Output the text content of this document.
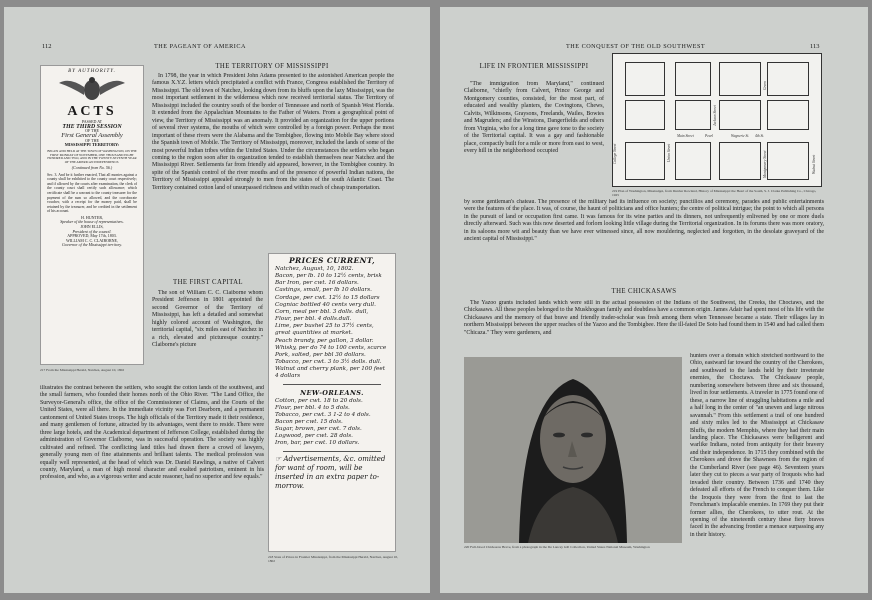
112	THE PAGEANT OF AMERICA
BY AUTHORITY.
ACTS
PASSED AT
THE THIRD SESSION
OF THE
First General Assembly
OF THE
MISSISSIPPI TERRITORY:
BEGUN AND HELD AT THE TOWN OF WASHINGTON, ON THE FIRST MONDAY OF NOVEMBER, ONE THOUSAND EIGHT HUNDRED AND TWO, AND IN THE TWENTY-SEVENTH YEAR OF THE AMERICAN INDEPENDENCE.
(Continued from No. 56.)
Sec. 3. And be it further enacted, That all monies against a county shall be exhibited to the county court respectively; and if allowed by the courts after examination, the clerk of the county court shall certify such allowance; which certificate shall be a warrant to the county treasurer for the payment of the sum so allowed, and the corroborate voucher, with a receipt for the money paid, shall be retained by the treasurer, and be credited in the settlement of his account.
H. HUNTER,
Speaker of the house of representatives.
JOHN ELLIS,
President of the council.
APPROVED, May 17th, 1803.
WILLIAM C. C. CLAIBORNE,
Governor of the Mississippi territory.
217 From the Mississippi Herald, Natchez, August 10, 1802
THE TERRITORY OF MISSISSIPPI
In 1798, the year in which President John Adams presented to the astonished American people the famous X.Y.Z. letters which precipitated a conflict with France, Congress established the Territory of Mississippi. The old town of Natchez, looking down from its bluffs upon the lazy Mississippi, was the most important settlement in the wilderness which now received territorial status. The Territory of Mississippi included the country south of the border of Tennessee and north of Spanish West Florida. It extended from the Appalachian Mountains to the Father of Waters. From a geographical point of view, the Territory of Mississippi was an anomaly. It provided an organization for the upper portions of several river systems, the mouths of which were controlled by a foreign power. Perhaps the most important of these rivers were the Alabama and the Tombigbee, flowing into Mobile Bay where stood the Spanish town of Mobile. The Territory of Mississippi, moreover, included the lands of some of the most powerful Indian tribes within the United States. Under the circumstances the settlers who began coming to the region soon after its organization tended to establish themselves near Natchez and the Mississippi River. Settlements far from friendly aid appeared, however, in the Tombigbee country. In spite of the Spanish control of the river mouths and of the presence of powerful Indian nations, the Territory of Mississippi appealed strongly to men from the states of the south Atlantic Coast. The Territory contained cotton land of unsurpassed richness and within reach of cheap transportation.
THE FIRST CAPITAL
The son of William C. C. Claiborne whom President Jefferson in 1801 appointed the second Governor of the Territory of Mississippi, has left a detailed and somewhat highly colored account of Washington, the territorial capital, "six miles east of Natchez in a rich, elevated and picturesque country." Claiborne's picture
illustrates the contrast between the settlers, who sought the cotton lands of the southwest, and the small farmers, who founded their homes north of the Ohio River. "The Land Office, the Surveyor-General's office, the office of the Commissioner of Claims, and the Courts of the United States, were all there. In the immediate vicinity was Fort Dearborn, and a permanent cantonment of United States troops. The high officials of the Territory made it their residence, and many gentlemen of fortune, attracted by its advantages, went there to reside. There were three large hotels, and the Academical department of Jefferson College, established during the administration of Governor Claiborne, was in successful operation. The society was highly cultivated and refined. The conflicting land titles had drawn there a crowd of lawyers, generally young men of fine attainments and brilliant talents. The medical profession was equally well represented, at the head of which was Dr. Daniel Rawlings, a native of Calvert county, Maryland, a man of high moral character and exalted patriotism, eminent in his profession, and who, as a vigorous writer and acute reasoner, had no superior and few equals."
PRICES CURRENT,
Natchez, August, 10, 1802.
Bacon, per lb. 10 to 12½ cents, brisk
Bar Iron, per cwt. 16 dollars.
Castings, small, per lb 10 dollars.
Cordage, per cwt. 12½ to 15 dollars
Cogniac bottled 40 cents very dull.
Corn, meal per bbl. 3 dolls. dull,
Flour, per bbl. 4 dolls.dull.
Lime, per bushel 25 to 37½ cents, great quantities at market.
Peach brandy, per gallon, 3 dollar.
Whisky, per do 74 to 100 cents, scarce
Pork, salted, per bbl 30 dollars.
Tobacco, per cwt. 3 to 3½ dolls. dull.
Walnut and cherry plank, per 100 feet 4 dollars
NEW-ORLEANS.
Cotton, per cwt. 18 to 20 dols.
Flour, per bbl. 4 to 5 dols.
Tobacco, per cwt. 3 1-2 to 4 dols.
Bacon per cwt. 15 dols.
Sugar, brown, per cwt. 7 dols.
Logwood, per cwt. 28 dols.
Iron, bar, per cwt. 10 dollars.
☞ Advertisements, &c. omitted for want of room, will be inserted in an extra paper to-morrow.
218 State of Prices in Frontier Mississippi, from the Mississippi Herald, Natchez, August 10, 1802
THE CONQUEST OF THE OLD SOUTHWEST	113
LIFE IN FRONTIER MISSISSIPPI
"The immigration from Maryland," continued Claiborne, "chiefly from Calvert, Prince George and Montgomery counties, consisted, for the most part, of educated and wealthy planters, the Covingtons, Chews, Calvits, Wilkinsons, Graysons, Freelands, Wailes, Bowies and Magruders; and the Winstons, Dangerfields and others from Virginia, who for a long time gave tone to the society of the Territorial capital. It was a gay and fashionable place, compactly built for a mile or more from east to west, every hill in the neighborhood occupied
Main Street	Pearl	Wagnerie St. 4th St.
College Street	Union Street
Jackson Street
Montgomery Street	Walnut Street
Green
219 Plan of Washington, Mississippi, from Dunbar Rowland, History of Mississippi: the Heart of the South, S. J. Clarke Publishing Co., Chicago, 1925
by some gentleman's chateau. The presence of the military had its influence on society; punctilios and ceremony, parades and public entertainments were the features of the place. It was, of course, the haunt of politicians and office hunters; the centre of political intrigue; the point to which all persons in the pursuit of land or occupation first came. It was famous for its wine parties and its dinners, not unfrequently enlivened by one or more duels directly afterward. Such was this now deserted and forlorn looking little village during the Territorial organization. In its forums there was more oratory, in its saloons more wit and beauty than we have ever witnessed since, all now mouldering, neglected and forgotten, in the desolate graveyard of the ancient capital of Mississippi."
THE CHICKASAWS
The Yazoo grants included lands which were still in the actual possession of the Indians of the Southwest, the Creeks, the Choctaws, and the Chickasaws. All these peoples belonged to the Muskhogean family and doubtless have a common origin. James Adair had spent most of his life with the Chickasaws and the memory of that brave and friendly trader-scholar was fresh among them when Tennessee became a state. Their villages lay in northern Mississippi between the upper reaches of the Yazoo and the Tombigbee. Here the ill-fated De Soto had found them in 1540 and had called them "Chicaza." They were gardeners, and
hunters over a domain which stretched northward to the Ohio, eastward far toward the country of the Cherokees, and southward to the lands held by their inveterate enemies, the Choctaws. The Chickasaw people, numbering somewhere between three and six thousand, lived in four settlements. A traveler in 1775 found one of these, a narrow line of straggling habitations a mile and a half long in the center of "an uneven and large nitrous savannah." From this settlement a trail of one hundred and sixty miles led to the Mississippi at Chickasaw Bluffs, the modern Memphis, where they had their main landing place. The Chickasaws were belligerent and warlike Indians, noted from antiquity for their bravery and their independence. In 1715 they combined with the Cherokees and drove the Shawnees from the region of the Cumberland River (see page 46). Seventeen years later they cut to pieces a war party of Iroquois who had invaded their country. Between 1736 and 1740 they defeated all efforts of the French to conquer them. Like the Iroquois they were from the first to last the Frenchman's implacable enemies. In 1769 they put their former allies, the Cherokees, to utter rout. At the opening of the nineteenth century these fiery braves faced in the advancing frontier a menace surpassing any in their history.
220 Full-blood Chickasaw Brave, from a photograph in the De Lancey Gill Collection, United States National Museum, Washington
